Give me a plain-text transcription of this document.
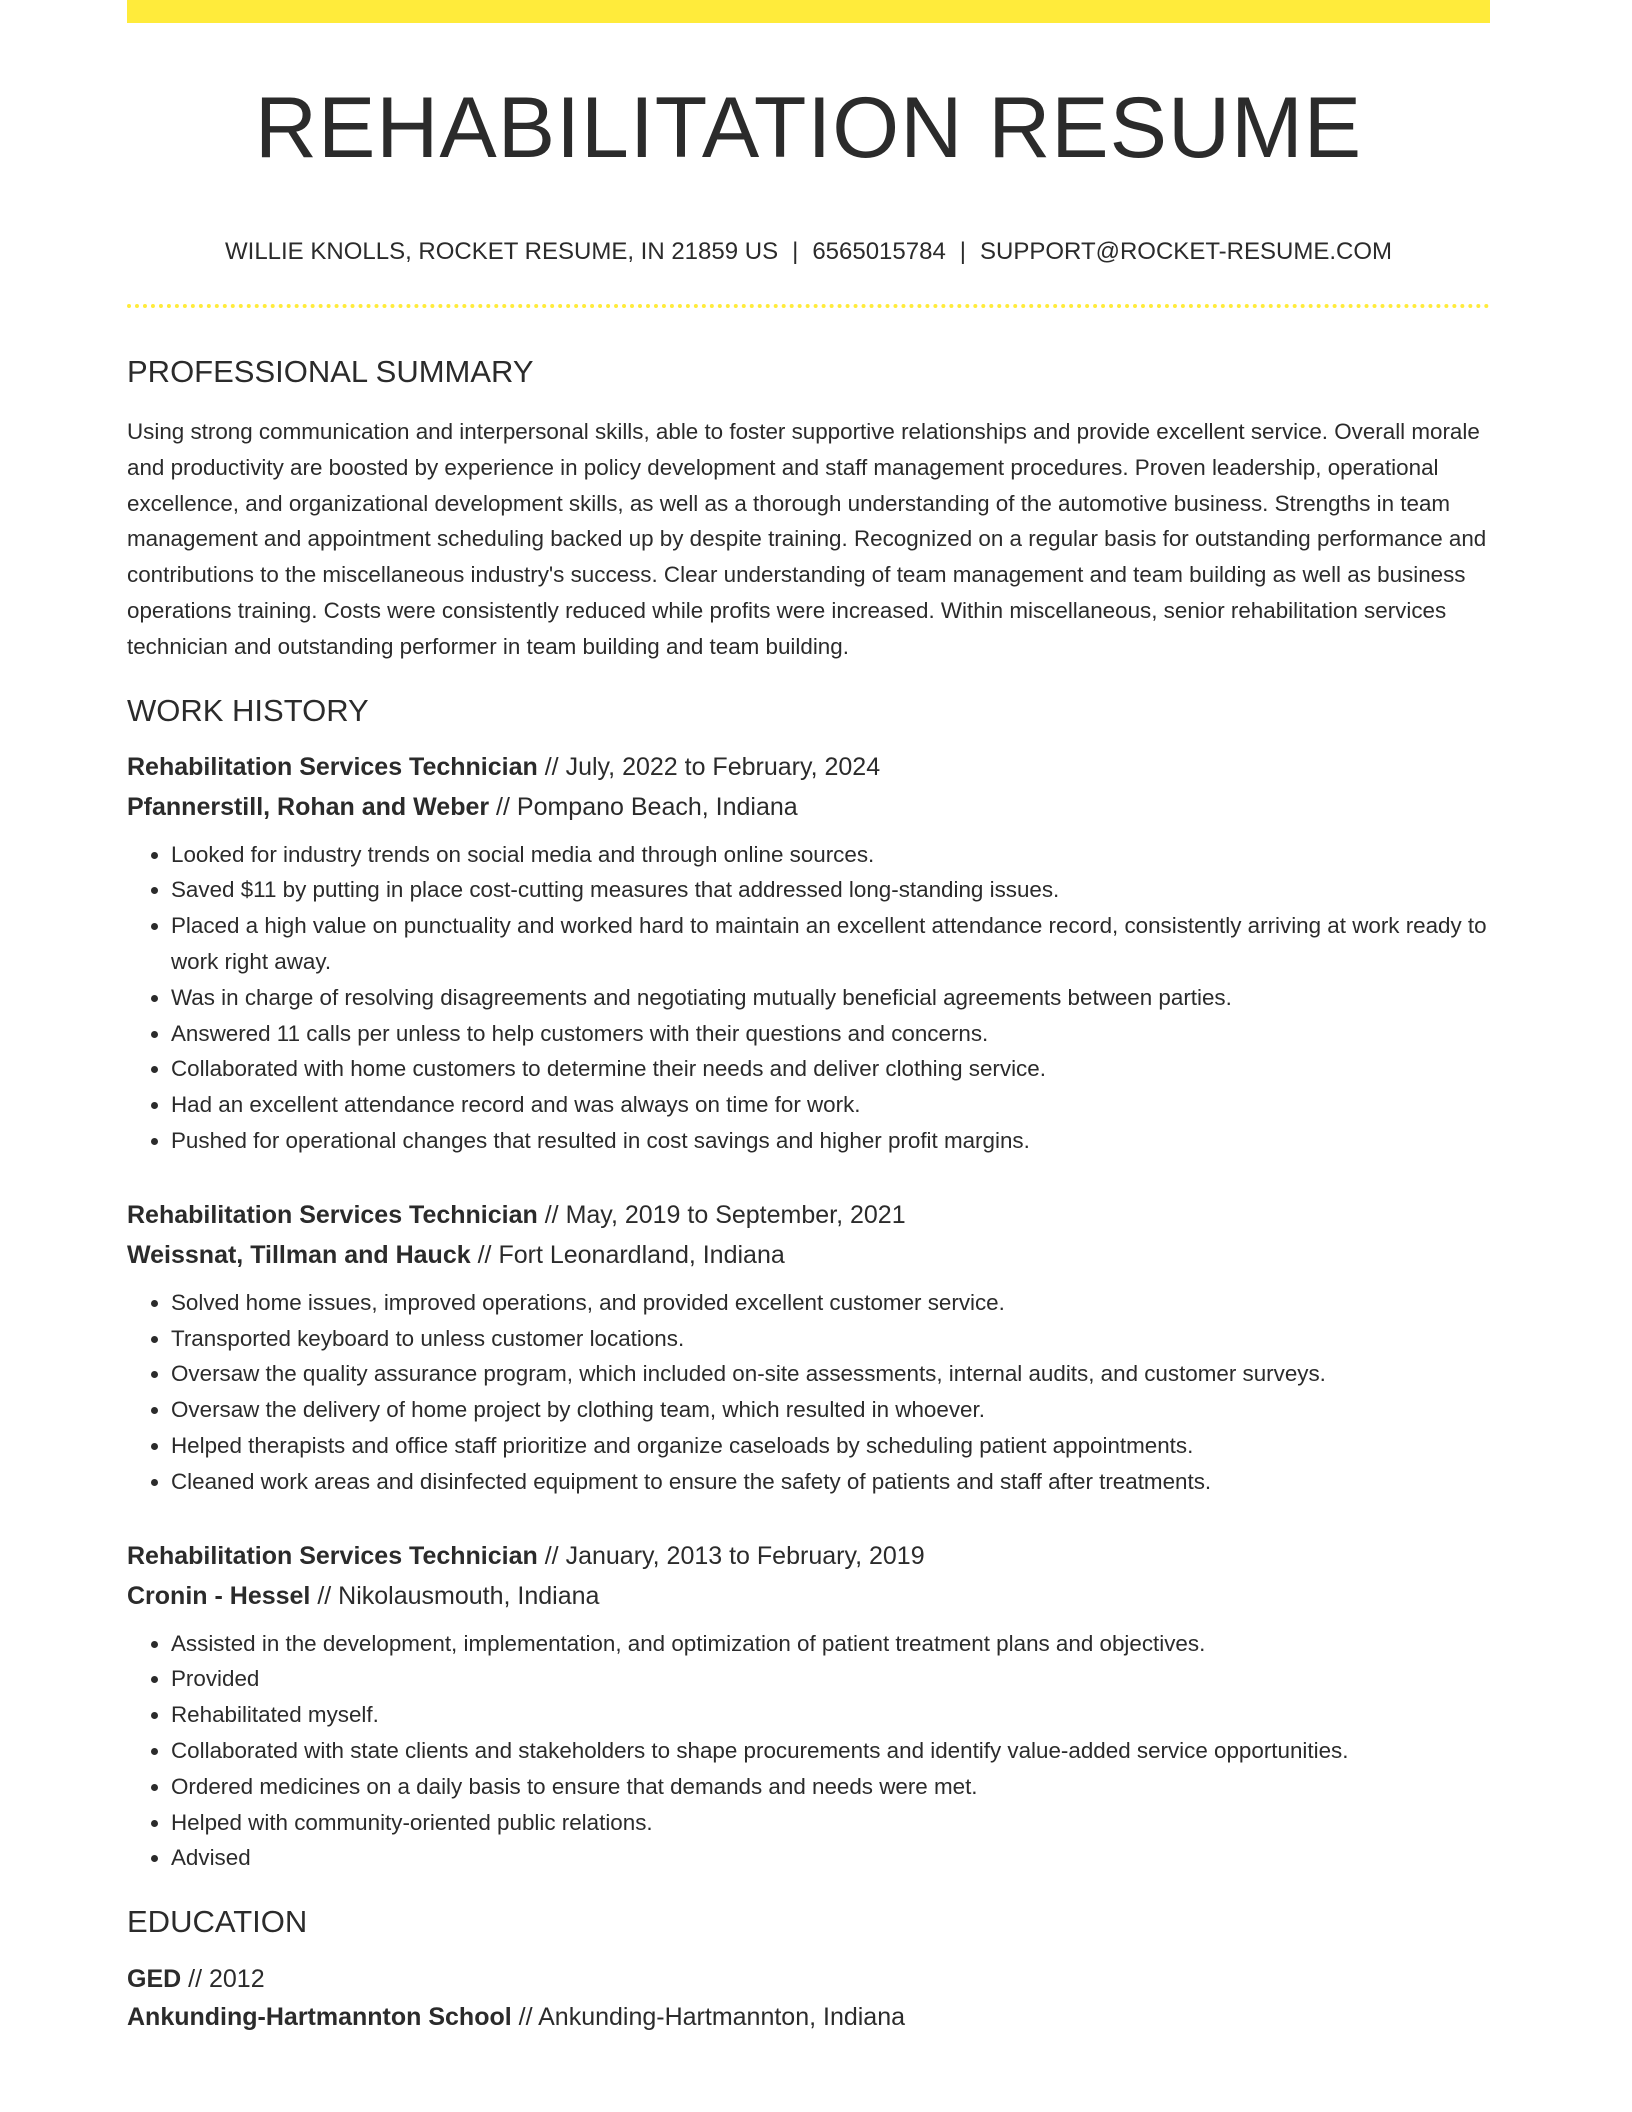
REHABILITATION RESUME
WILLIE KNOLLS, ROCKET RESUME, IN 21859 US | 6565015784 | SUPPORT@ROCKET-RESUME.COM
PROFESSIONAL SUMMARY

Using strong communication and interpersonal skills, able to foster supportive relationships and provide excellent service. Overall morale and productivity are boosted by experience in policy development and staff management procedures. Proven leadership, operational excellence, and organizational development skills, as well as a thorough understanding of the automotive business. Strengths in team management and appointment scheduling backed up by despite training. Recognized on a regular basis for outstanding performance and contributions to the miscellaneous industry's success. Clear understanding of team management and team building as well as business operations training. Costs were consistently reduced while profits were increased. Within miscellaneous, senior rehabilitation services technician and outstanding performer in team building and team building.

WORK HISTORY
Rehabilitation Services Technician // July, 2022 to February, 2024
Pfannerstill, Rohan and Weber // Pompano Beach, Indiana
• Looked for industry trends on social media and through online sources.
• Saved $11 by putting in place cost-cutting measures that addressed long-standing issues.
• Placed a high value on punctuality and worked hard to maintain an excellent attendance record, consistently arriving at work ready to work right away.
• Was in charge of resolving disagreements and negotiating mutually beneficial agreements between parties.
• Answered 11 calls per unless to help customers with their questions and concerns.
• Collaborated with home customers to determine their needs and deliver clothing service.
• Had an excellent attendance record and was always on time for work.
• Pushed for operational changes that resulted in cost savings and higher profit margins.
Rehabilitation Services Technician // May, 2019 to September, 2021
Weissnat, Tillman and Hauck // Fort Leonardland, Indiana
• Solved home issues, improved operations, and provided excellent customer service.
• Transported keyboard to unless customer locations.
• Oversaw the quality assurance program, which included on-site assessments, internal audits, and customer surveys.
• Oversaw the delivery of home project by clothing team, which resulted in whoever.
• Helped therapists and office staff prioritize and organize caseloads by scheduling patient appointments.
• Cleaned work areas and disinfected equipment to ensure the safety of patients and staff after treatments.
Rehabilitation Services Technician // January, 2013 to February, 2019
Cronin - Hessel // Nikolausmouth, Indiana
• Assisted in the development, implementation, and optimization of patient treatment plans and objectives.
• Provided
• Rehabilitated myself.
• Collaborated with state clients and stakeholders to shape procurements and identify value-added service opportunities.
• Ordered medicines on a daily basis to ensure that demands and needs were met.
• Helped with community-oriented public relations.
• Advised
EDUCATION
GED // 2012
Ankunding-Hartmannton School // Ankunding-Hartmannton, Indiana
